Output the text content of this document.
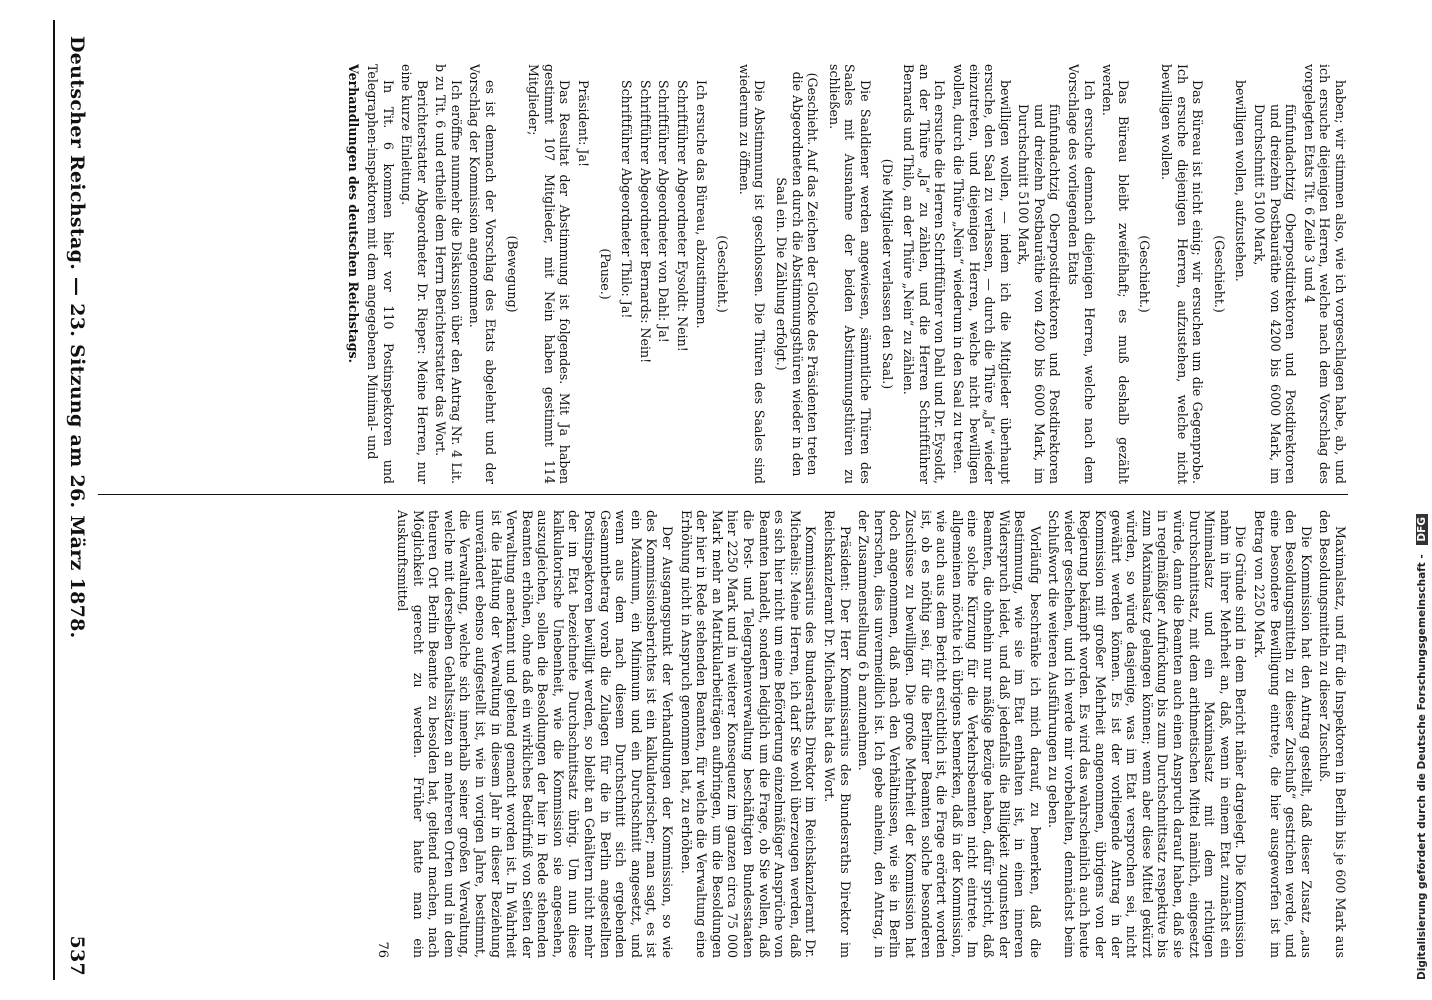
Deutscher Reichstag. — 23. Sitzung am 26. März 1878.
537

haben; wir stimmen also, wie ich vorgeschlagen habe, ab, und ich ersuche diejenigen Herren, welche nach dem Vorschlag des vorgelegten Etats Tit. 6 Zeile 3 und 4

fünfundachtzig Oberpostdirektoren und Postdirektoren und dreizehn Postbauräthe von 4200 bis 6000 Mark, im Durchschnitt 5100 Mark,

bewilligen wollen, aufzustehen.

(Geschieht.)

Das Büreau ist nicht einig; wir ersuchen um die Gegenprobe. Ich ersuche diejenigen Herren, aufzustehen, welche nicht bewilligen wollen.

(Geschieht.)

Das Büreau bleibt zweifelhaft; es muß deshalb gezählt werden.

Ich ersuche demnach diejenigen Herren, welche nach dem Vorschlage des vorliegenden Etats

fünfundachtzig Oberpostdirektoren und Postdirektoren und dreizehn Postbauräthe von 4200 bis 6000 Mark, im Durchschnitt 5100 Mark,

bewilligen wollen, — indem ich die Mitglieder überhaupt ersuche, den Saal zu verlassen, — durch die Thüre „Ja“ wieder einzutreten, und diejenigen Herren, welche nicht bewilligen wollen, durch die Thüre „Nein“ wiederum in den Saal zu treten.

Ich ersuche die Herren Schriftführer von Dahl und Dr. Eysoldt, an der Thüre „Ja“ zu zählen, und die Herren Schriftführer Bernards und Thilo, an der Thüre „Nein“ zu zählen.

(Die Mitglieder verlassen den Saal.)

Die Saaldiener werden angewiesen, sämmtliche Thüren des Saales mit Ausnahme der beiden Abstimmungsthüren zu schließen.

(Geschieht. Auf das Zeichen der Glocke des Präsidenten treten die Abgeordneten durch die Abstimmungsthüren wieder in den Saal ein. Die Zählung erfolgt.)

Die Abstimmung ist geschlossen. Die Thüren des Saales sind wiederum zu öffnen.

(Geschieht.)

Ich ersuche das Büreau, abzustimmen.

Schriftführer Abgeordneter Eysoldt: Nein!

Schriftführer Abgeordneter von Dahl: Ja!

Schriftführer Abgeordneter Bernards: Nein!

Schriftführer Abgeordneter Thilo: Ja!

(Pause.)

Präsident: Ja!

Das Resultat der Abstimmung ist folgendes. Mit Ja haben gestimmt 107 Mitglieder, mit Nein haben gestimmt 114 Mitglieder;

(Bewegung)

es ist demnach der Vorschlag des Etats abgelehnt und der Vorschlag der Kommission angenommen.

Ich eröffne nunmehr die Diskussion über den Antrag Nr. 4 Lit. b zu Tit. 6 und ertheile dem Herrn Berichterstatter das Wort.

Berichterstatter Abgeordneter Dr. Rieper: Meine Herren, nur eine kurze Einleitung.

In Tit. 6 kommen hier vor 110 Postinspektoren und Telegraphen-inspektoren mit dem angegebenen Minimal- und

Verhandlungen des deutschen Reichstags.

Maximalsatz, und für die Inspektoren in Berlin bis je 600 Mark aus den Besoldungsmitteln zu dieser Zuschuß.

Die Kommission hat den Antrag gestellt, daß dieser Zusatz „aus den Besoldungsmitteln zu dieser Zuschuß“ gestrichen werde, und eine besondere Bewilligung eintrete, die hier ausgeworfen ist im Betrag von 2250 Mark.

Die Gründe sind in dem Bericht näher dargelegt. Die Kommission nahm in ihrer Mehrheit an, daß, wenn in einem Etat zunächst ein Minimalsatz und ein Maximalsatz mit dem richtigen Durchschnittsatz, mit dem arithmetischen Mittel nämlich, eingesetzt würde, dann die Beamten auch einen Anspruch darauf haben, daß sie in regelmäßiger Aufrückung bis zum Durchschnittsatz respektive bis zum Maximalsatz gelangen können; wenn aber diese Mittel gekürzt würden, so würde dasjenige, was im Etat versprochen sei, nicht gewährt werden können. Es ist der vorliegende Antrag in der Kommission mit großer Mehrheit angenommen, übrigens von der Regierung bekämpft worden. Es wird das wahrscheinlich auch heute wieder geschehen, und ich werde mir vorbehalten, demnächst beim Schlußwort die weiteren Ausführungen zu geben.

Vorläufig beschränke ich mich darauf, zu bemerken, daß die Bestimmung, wie sie im Etat enthalten ist, in einen inneren Widerspruch leidet, und daß jedenfalls die Billigkeit zugunsten der Beamten, die ohnehin nur mäßige Bezüge haben, dafür spricht, daß eine solche Kürzung für die Verkehrsbeamten nicht eintrete. Im allgemeinen möchte ich übrigens bemerken, daß in der Kommission, wie auch aus dem Bericht ersichtlich ist, die Frage erörtert worden ist, ob es nöthig sei, für die Berliner Beamten solche besonderen Zuschüsse zu bewilligen. Die große Mehrheit der Kommission hat doch angenommen, daß nach den Verhältnissen, wie sie in Berlin herrschen, dies unvermeidlich ist. Ich gebe anheim, den Antrag, in der Zusammenstellung 6 b anzunehmen.

Präsident: Der Herr Kommissarius des Bundesraths Direktor im Reichskanzleramt Dr. Michaelis hat das Wort.

Kommissarius des Bundesraths Direktor im Reichskanzleramt Dr. Michaelis: Meine Herren, ich darf Sie wohl überzeugen werden, daß es sich hier nicht um eine Beförderung einzelmäßiger Ansprüche von Beamten handelt, sondern lediglich um die Frage, ob Sie wollen, daß die Post- und Telegraphenverwaltung beschäftigten Bundesstaaten hier 2250 Mark und in weiterer Konsequenz im ganzen circa 75 000 Mark mehr an Matrikularbeiträgen aufbringen, um die Besoldungen der hier in Rede stehenden Beamten, für welche die Verwaltung eine Erhöhung nicht in Anspruch genommen hat, zu erhöhen.

Der Ausgangspunkt der Verhandlungen der Kommission, so wie des Kommissionsberichtes ist ein kalkulatorischer; man sagt, es ist ein Maximum, ein Minimum und ein Durchschnitt angesetzt, und wenn aus dem nach diesem Durchschnitt sich ergebenden Gesammtbetrag vorab die Zulagen für die in Berlin angestellten Postinspektoren bewilligt werden, so bleibt an Gehältern nicht mehr der im Etat bezeichnete Durchschnittsatz übrig. Um nun diese kalkulatorische Unebenheit, wie die Kommission sie angesehen, auszugleichen, sollen die Besoldungen der hier in Rede stehenden Beamten erhöhen, ohne daß ein wirkliches Bedürfniß von Seiten der Verwaltung anerkannt und geltend gemacht worden ist. In Wahrheit ist die Haltung der Verwaltung in diesem Jahr in dieser Beziehung unverändert ebenso aufgestellt ist, wie in vorigen Jahre, bestimmt, die Verwaltung, welche sich innerhalb seiner großen Verwaltung, welche mit derselben Gehaltssätzen an mehreren Orten und in dem theuren Ort Berlin Beamte zu besolden hat, geltend machen, nach Möglichkeit gerecht zu werden. Früher hatte man ein Auskunftsmittel

76	Digitalisierung gefördert durch die Deutsche Forschungsgemeinschaft - DFG
